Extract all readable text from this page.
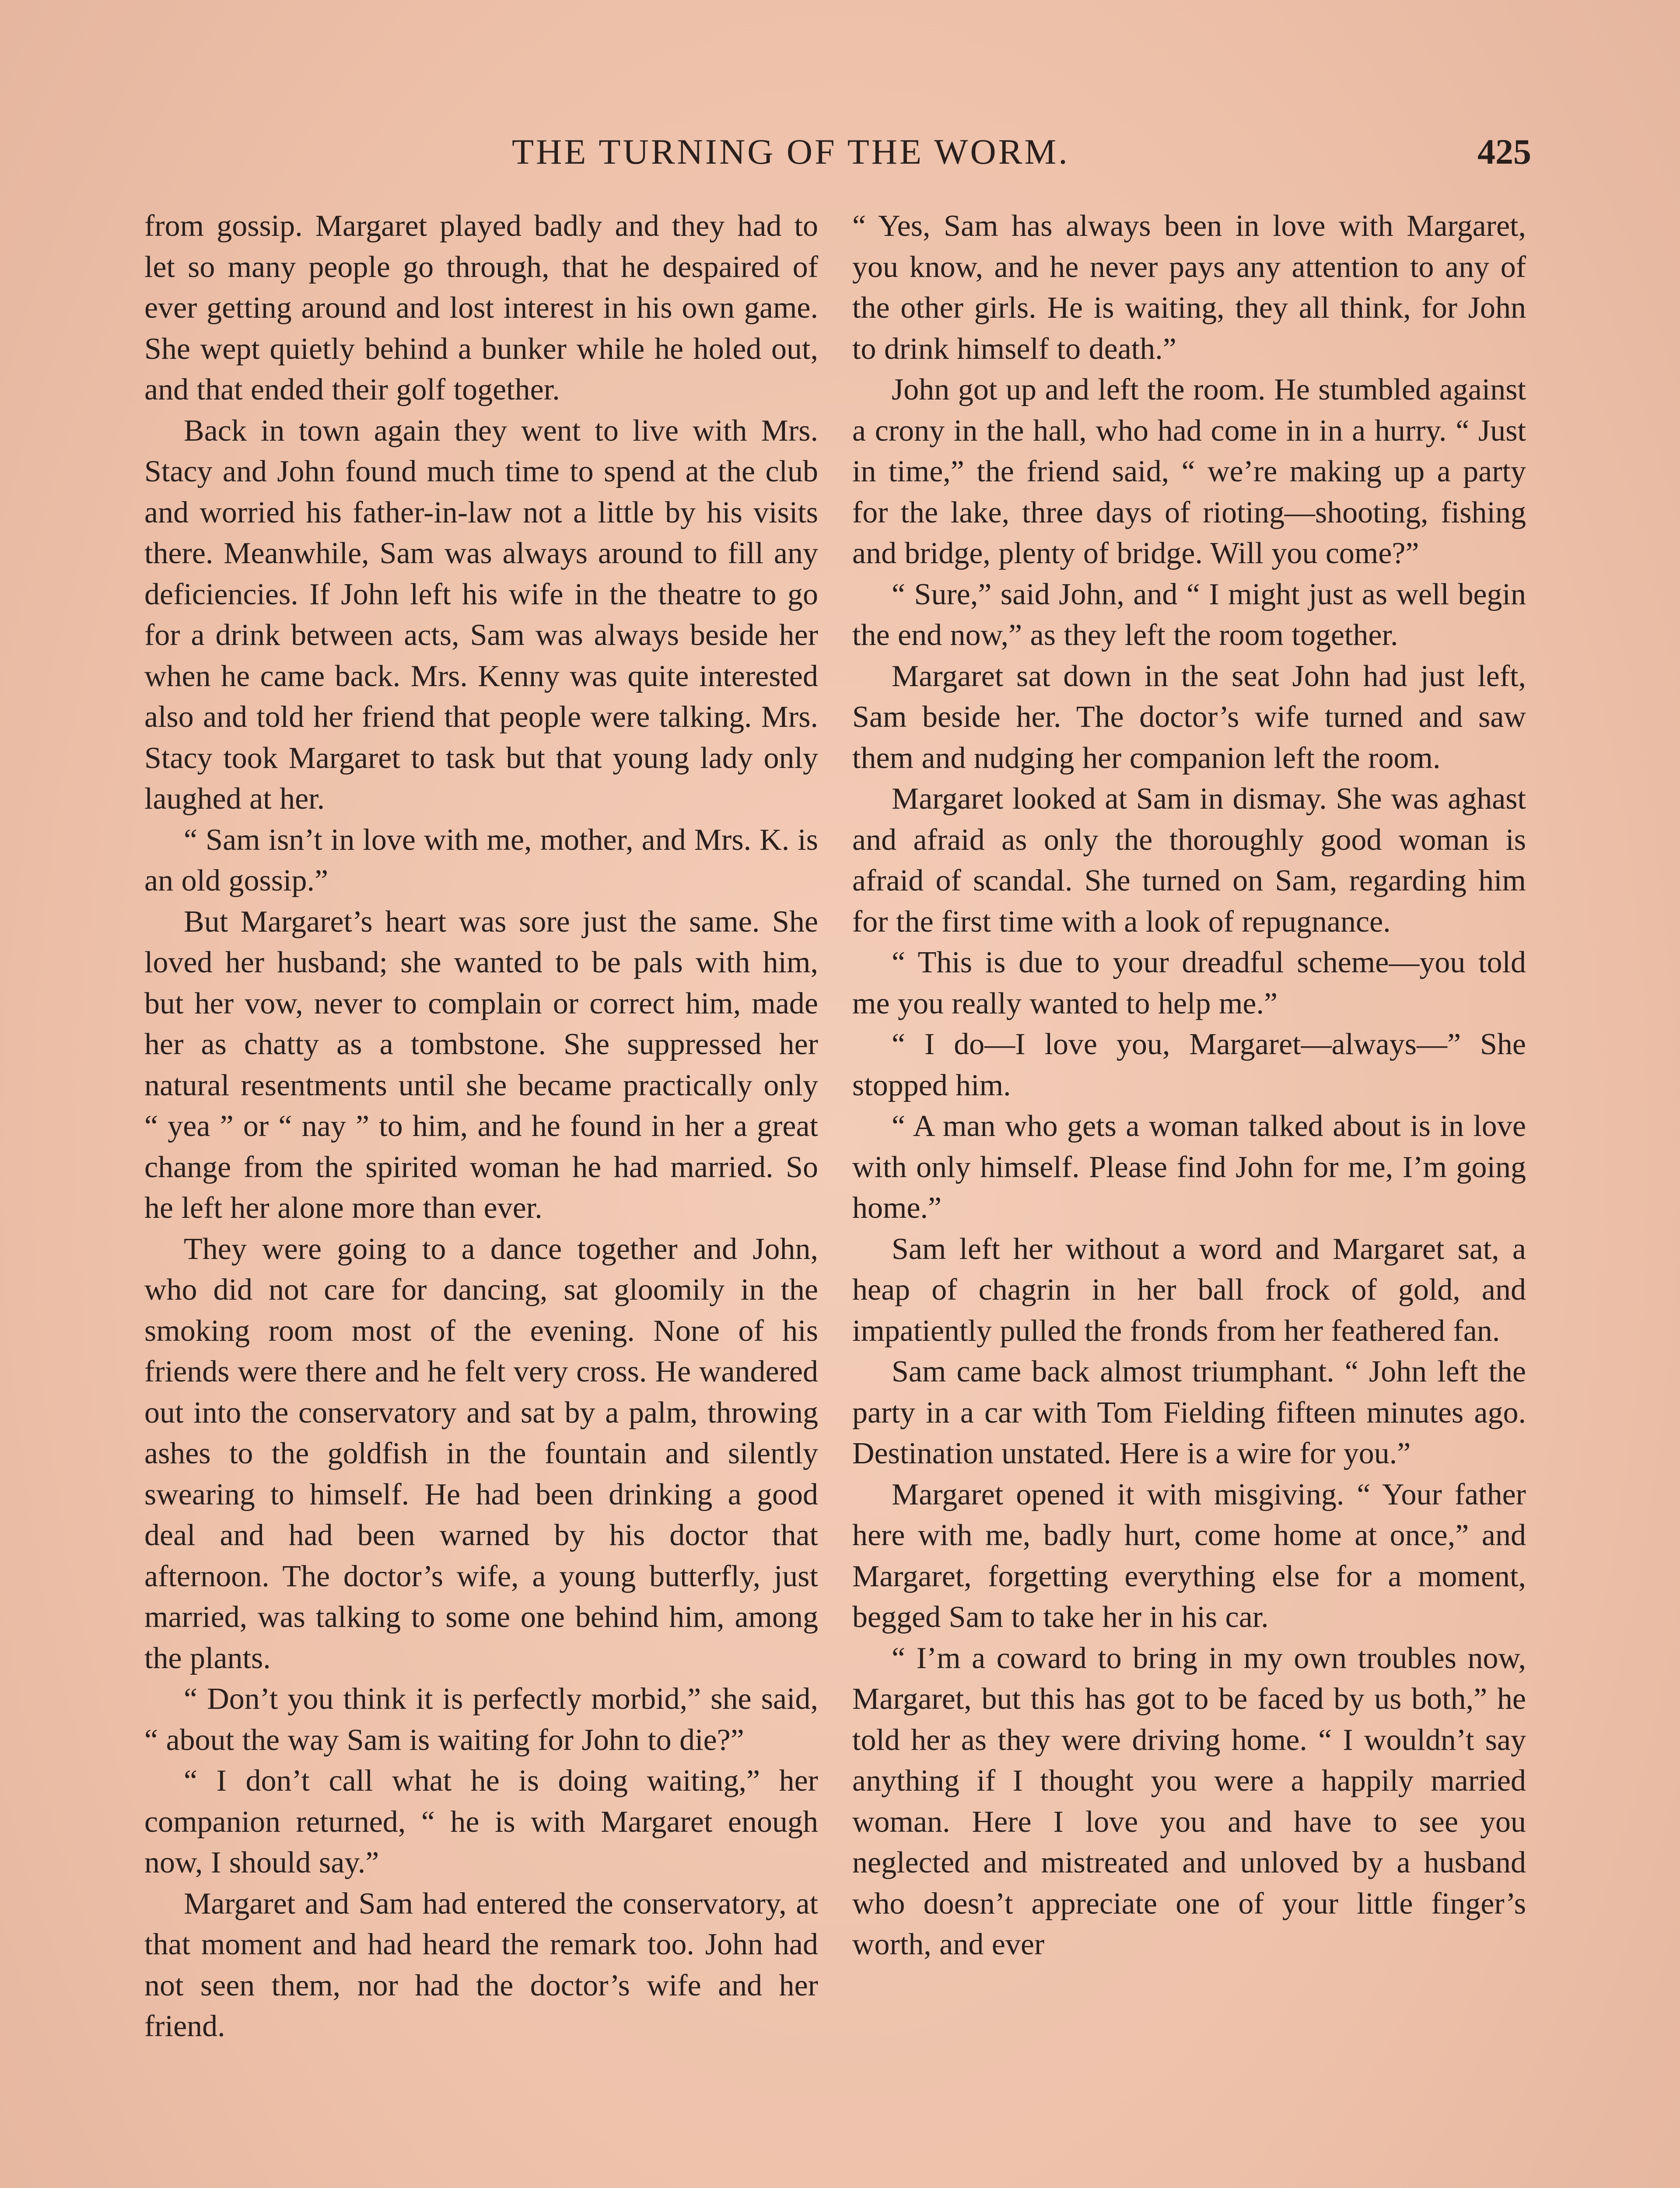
THE TURNING OF THE WORM.	425

from gossip. Margaret played badly and they had to let so many people go through, that he despaired of ever getting around and lost interest in his own game. She wept quietly behind a bunker while he holed out, and that ended their golf together.

Back in town again they went to live with Mrs. Stacy and John found much time to spend at the club and worried his father-in-law not a little by his visits there. Meanwhile, Sam was always around to fill any deficiencies. If John left his wife in the theatre to go for a drink between acts, Sam was always beside her when he came back. Mrs. Kenny was quite interested also and told her friend that people were talking. Mrs. Stacy took Margaret to task but that young lady only laughed at her.

“ Sam isn’t in love with me, mother, and Mrs. K. is an old gossip.”

But Margaret’s heart was sore just the same. She loved her husband; she wanted to be pals with him, but her vow, never to complain or correct him, made her as chatty as a tombstone. She suppressed her natural resentments until she became practically only “ yea ” or “ nay ” to him, and he found in her a great change from the spirited woman he had married. So he left her alone more than ever.

They were going to a dance together and John, who did not care for dancing, sat gloomily in the smoking room most of the evening. None of his friends were there and he felt very cross. He wandered out into the conservatory and sat by a palm, throwing ashes to the goldfish in the fountain and silently swearing to himself. He had been drinking a good deal and had been warned by his doctor that afternoon. The doctor’s wife, a young butterfly, just married, was talking to some one behind him, among the plants.

“ Don’t you think it is perfectly morbid,” she said, “ about the way Sam is waiting for John to die?”

“ I don’t call what he is doing waiting,” her companion returned, “ he is with Margaret enough now, I should say.”

Margaret and Sam had entered the conservatory, at that moment and had heard the remark too. John had not seen them, nor had the doctor’s wife and her friend.

“ Yes, Sam has always been in love with Margaret, you know, and he never pays any attention to any of the other girls. He is waiting, they all think, for John to drink himself to death.”

John got up and left the room. He stumbled against a crony in the hall, who had come in in a hurry. “ Just in time,” the friend said, “ we’re making up a party for the lake, three days of rioting—shooting, fishing and bridge, plenty of bridge. Will you come?”

“ Sure,” said John, and “ I might just as well begin the end now,” as they left the room together.

Margaret sat down in the seat John had just left, Sam beside her. The doctor’s wife turned and saw them and nudging her companion left the room.

Margaret looked at Sam in dismay. She was aghast and afraid as only the thoroughly good woman is afraid of scandal. She turned on Sam, regarding him for the first time with a look of repugnance.

“ This is due to your dreadful scheme—you told me you really wanted to help me.”

“ I do—I love you, Margaret—always—” She stopped him.

“ A man who gets a woman talked about is in love with only himself. Please find John for me, I’m going home.”

Sam left her without a word and Margaret sat, a heap of chagrin in her ball frock of gold, and impatiently pulled the fronds from her feathered fan.

Sam came back almost triumphant. “ John left the party in a car with Tom Fielding fifteen minutes ago. Destination unstated. Here is a wire for you.”

Margaret opened it with misgiving. “ Your father here with me, badly hurt, come home at once,” and Margaret, forgetting everything else for a moment, begged Sam to take her in his car.

“ I’m a coward to bring in my own troubles now, Margaret, but this has got to be faced by us both,” he told her as they were driving home. “ I wouldn’t say anything if I thought you were a happily married woman. Here I love you and have to see you neglected and mistreated and unloved by a husband who doesn’t appreciate one of your little finger’s worth, and ever
